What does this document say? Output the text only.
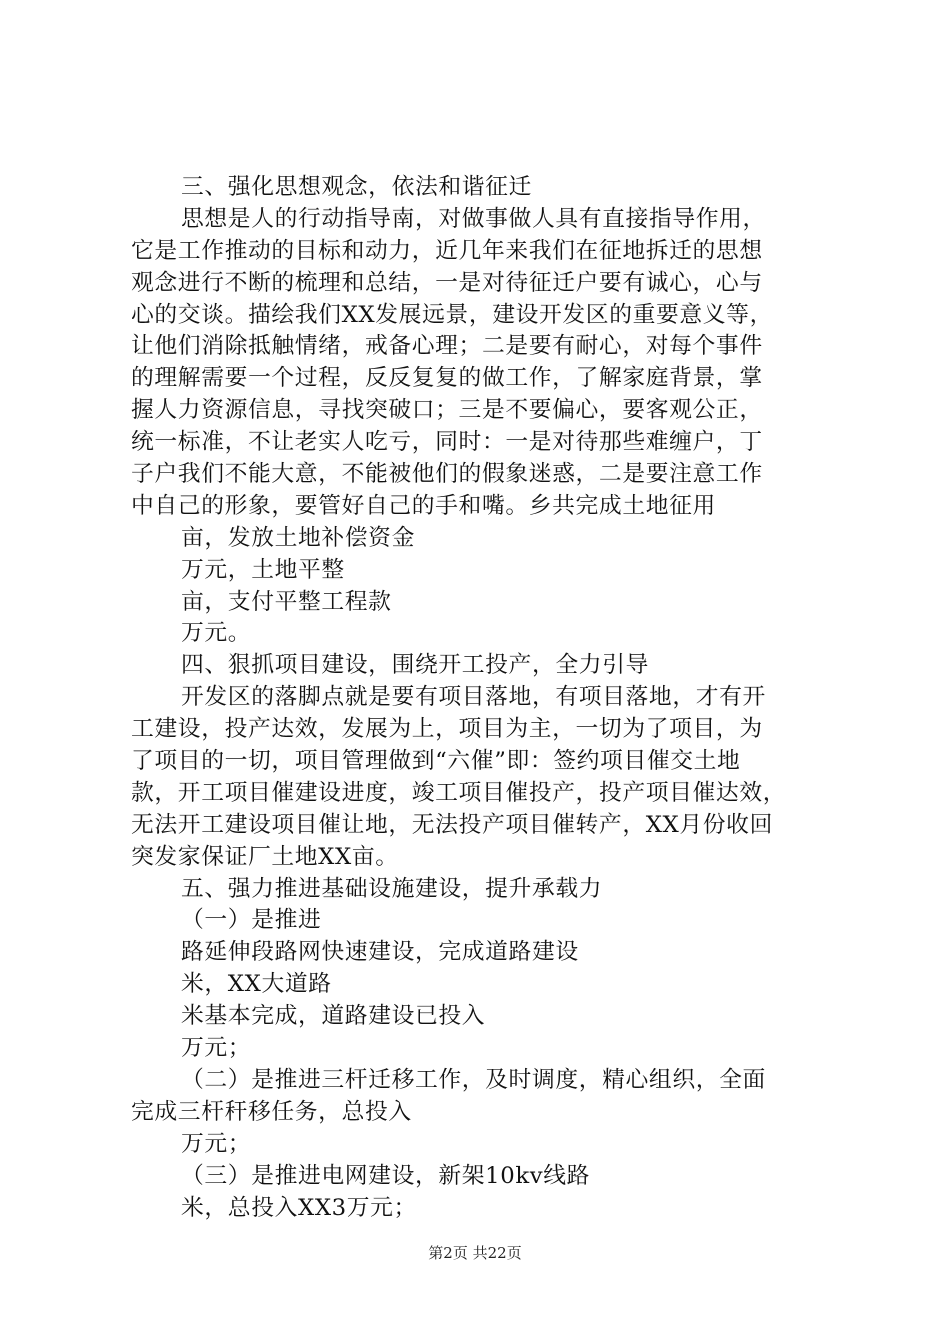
三、强化思想观念，依法和谐征迁
思想是人的行动指导南，对做事做人具有直接指导作用，
它是工作推动的目标和动力，近几年来我们在征地拆迁的思想
观念进行不断的梳理和总结，一是对待征迁户要有诚心，心与
心的交谈。描绘我们XX发展远景，建设开发区的重要意义等，
让他们消除抵触情绪，戒备心理；二是要有耐心，对每个事件
的理解需要一个过程，反反复复的做工作，了解家庭背景，掌
握人力资源信息，寻找突破口；三是不要偏心，要客观公正，
统一标准，不让老实人吃亏，同时：一是对待那些难缠户，丁
子户我们不能大意，不能被他们的假象迷惑，二是要注意工作
中自己的形象，要管好自己的手和嘴。乡共完成土地征用
亩，发放土地补偿资金
万元，土地平整
亩，支付平整工程款
万元。
四、狠抓项目建设，围绕开工投产，全力引导
开发区的落脚点就是要有项目落地，有项目落地，才有开
工建设，投产达效，发展为上，项目为主，一切为了项目，为
了项目的一切，项目管理做到“六催”即：签约项目催交土地
款，开工项目催建设进度，竣工项目催投产，投产项目催达效，
无法开工建设项目催让地，无法投产项目催转产，XX月份收回
突发家保证厂土地XX亩。
五、强力推进基础设施建设，提升承载力
（一）是推进
路延伸段路网快速建设，完成道路建设
米，XX大道路
米基本完成，道路建设已投入
万元；
（二）是推进三杆迁移工作，及时调度，精心组织，全面
完成三杆秆移任务，总投入
万元；
（三）是推进电网建设，新架10kv线路
米，总投入XX3万元；
第2页 共22页
